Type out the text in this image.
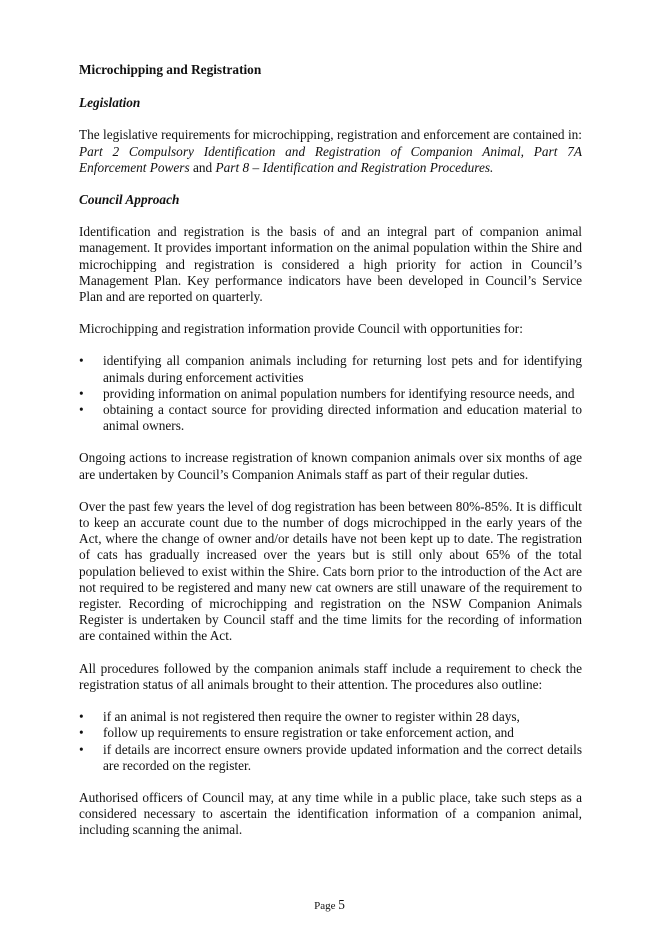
Microchipping and Registration
Legislation

The legislative requirements for microchipping, registration and enforcement are contained in: Part 2 Compulsory Identification and Registration of Companion Animal, Part 7A Enforcement Powers and Part 8 – Identification and Registration Procedures.

Council Approach

Identification and registration is the basis of and an integral part of companion animal management. It provides important information on the animal population within the Shire and microchipping and registration is considered a high priority for action in Council’s Management Plan. Key performance indicators have been developed in Council’s Service Plan and are reported on quarterly.

Microchipping and registration information provide Council with opportunities for:

• identifying all companion animals including for returning lost pets and for identifying animals during enforcement activities
• providing information on animal population numbers for identifying resource needs, and
• obtaining a contact source for providing directed information and education material to animal owners.

Ongoing actions to increase registration of known companion animals over six months of age are undertaken by Council’s Companion Animals staff as part of their regular duties.

Over the past few years the level of dog registration has been between 80%-85%. It is difficult to keep an accurate count due to the number of dogs microchipped in the early years of the Act, where the change of owner and/or details have not been kept up to date. The registration of cats has gradually increased over the years but is still only about 65% of the total population believed to exist within the Shire. Cats born prior to the introduction of the Act are not required to be registered and many new cat owners are still unaware of the requirement to register. Recording of microchipping and registration on the NSW Companion Animals Register is undertaken by Council staff and the time limits for the recording of information are contained within the Act.

All procedures followed by the companion animals staff include a requirement to check the registration status of all animals brought to their attention. The procedures also outline:

• if an animal is not registered then require the owner to register within 28 days,
• follow up requirements to ensure registration or take enforcement action, and
• if details are incorrect ensure owners provide updated information and the correct details are recorded on the register.

Authorised officers of Council may, at any time while in a public place, take such steps as a considered necessary to ascertain the identification information of a companion animal, including scanning the animal.

Page 5
